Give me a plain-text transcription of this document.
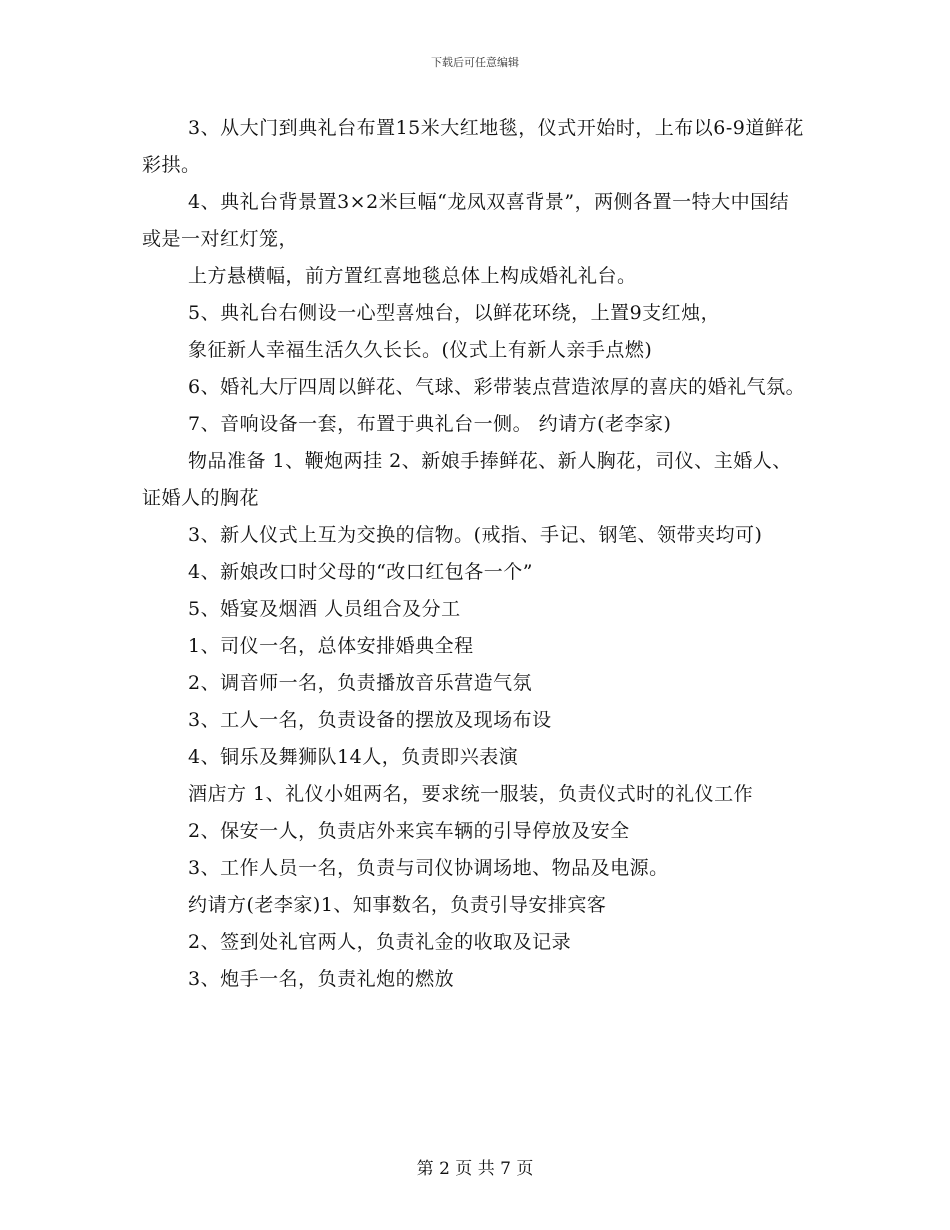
下载后可任意编辑

3、从大门到典礼台布置15米大红地毯，仪式开始时，上布以6-9道鲜花彩拱。

4、典礼台背景置3×2米巨幅“龙凤双喜背景”，两侧各置一特大中国结或是一对红灯笼，

上方悬横幅，前方置红喜地毯总体上构成婚礼礼台。

5、典礼台右侧设一心型喜烛台，以鲜花环绕，上置9支红烛，

象征新人幸福生活久久长长。(仪式上有新人亲手点燃)

6、婚礼大厅四周以鲜花、气球、彩带装点营造浓厚的喜庆的婚礼气氛。

7、音响设备一套，布置于典礼台一侧。 约请方(老李家)

物品准备 1、鞭炮两挂 2、新娘手捧鲜花、新人胸花，司仪、主婚人、证婚人的胸花

3、新人仪式上互为交换的信物。(戒指、手记、钢笔、领带夹均可)

4、新娘改口时父母的“改口红包各一个”

5、婚宴及烟酒 人员组合及分工

1、司仪一名，总体安排婚典全程

2、调音师一名，负责播放音乐营造气氛

3、工人一名，负责设备的摆放及现场布设

4、铜乐及舞狮队14人，负责即兴表演

酒店方 1、礼仪小姐两名，要求统一服装，负责仪式时的礼仪工作

2、保安一人，负责店外来宾车辆的引导停放及安全

3、工作人员一名，负责与司仪协调场地、物品及电源。

约请方(老李家)1、知事数名，负责引导安排宾客

2、签到处礼官两人，负责礼金的收取及记录

3、炮手一名，负责礼炮的燃放

第 2 页 共 7 页
